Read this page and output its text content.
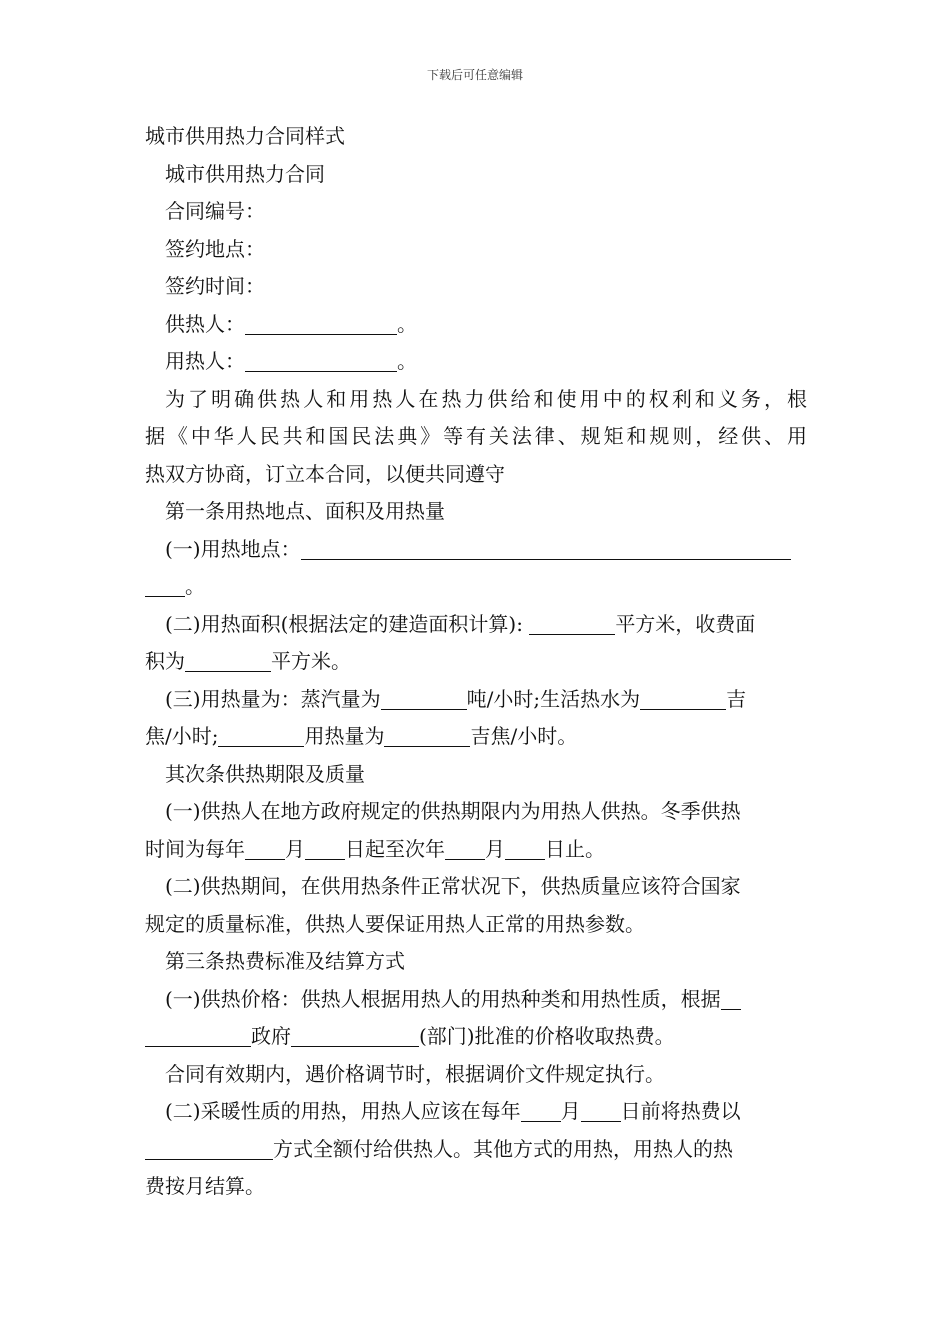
下载后可任意编辑
城市供用热力合同样式
城市供用热力合同
合同编号：
签约地点：
签约时间：
供热人：	。
用热人：	。
为了明确供热人和用热人在热力供给和使用中的权利和义务，根
据《中华人民共和国民法典》等有关法律、规矩和规则，经供、用
热双方协商，订立本合同，以便共同遵守
第一条用热地点、面积及用热量
(一)用热地点：
。
(二)用热面积(根据法定的建造面积计算):	平方米，收费面
积为	平方米。
(三)用热量为：蒸汽量为	吨/小时;生活热水为	吉
焦/小时;	用热量为	吉焦/小时。
其次条供热期限及质量
(一)供热人在地方政府规定的供热期限内为用热人供热。冬季供热
时间为每年 月 日起至次年 月 日止。
(二)供热期间，在供用热条件正常状况下，供热质量应该符合国家
规定的质量标准，供热人要保证用热人正常的用热参数。
第三条热费标准及结算方式
(一)供热价格：供热人根据用热人的用热种类和用热性质，根据
政府	(部门)批准的价格收取热费。
合同有效期内，遇价格调节时，根据调价文件规定执行。
(二)采暖性质的用热，用热人应该在每年 月 日前将热费以
方式全额付给供热人。其他方式的用热，用热人的热
费按月结算。
